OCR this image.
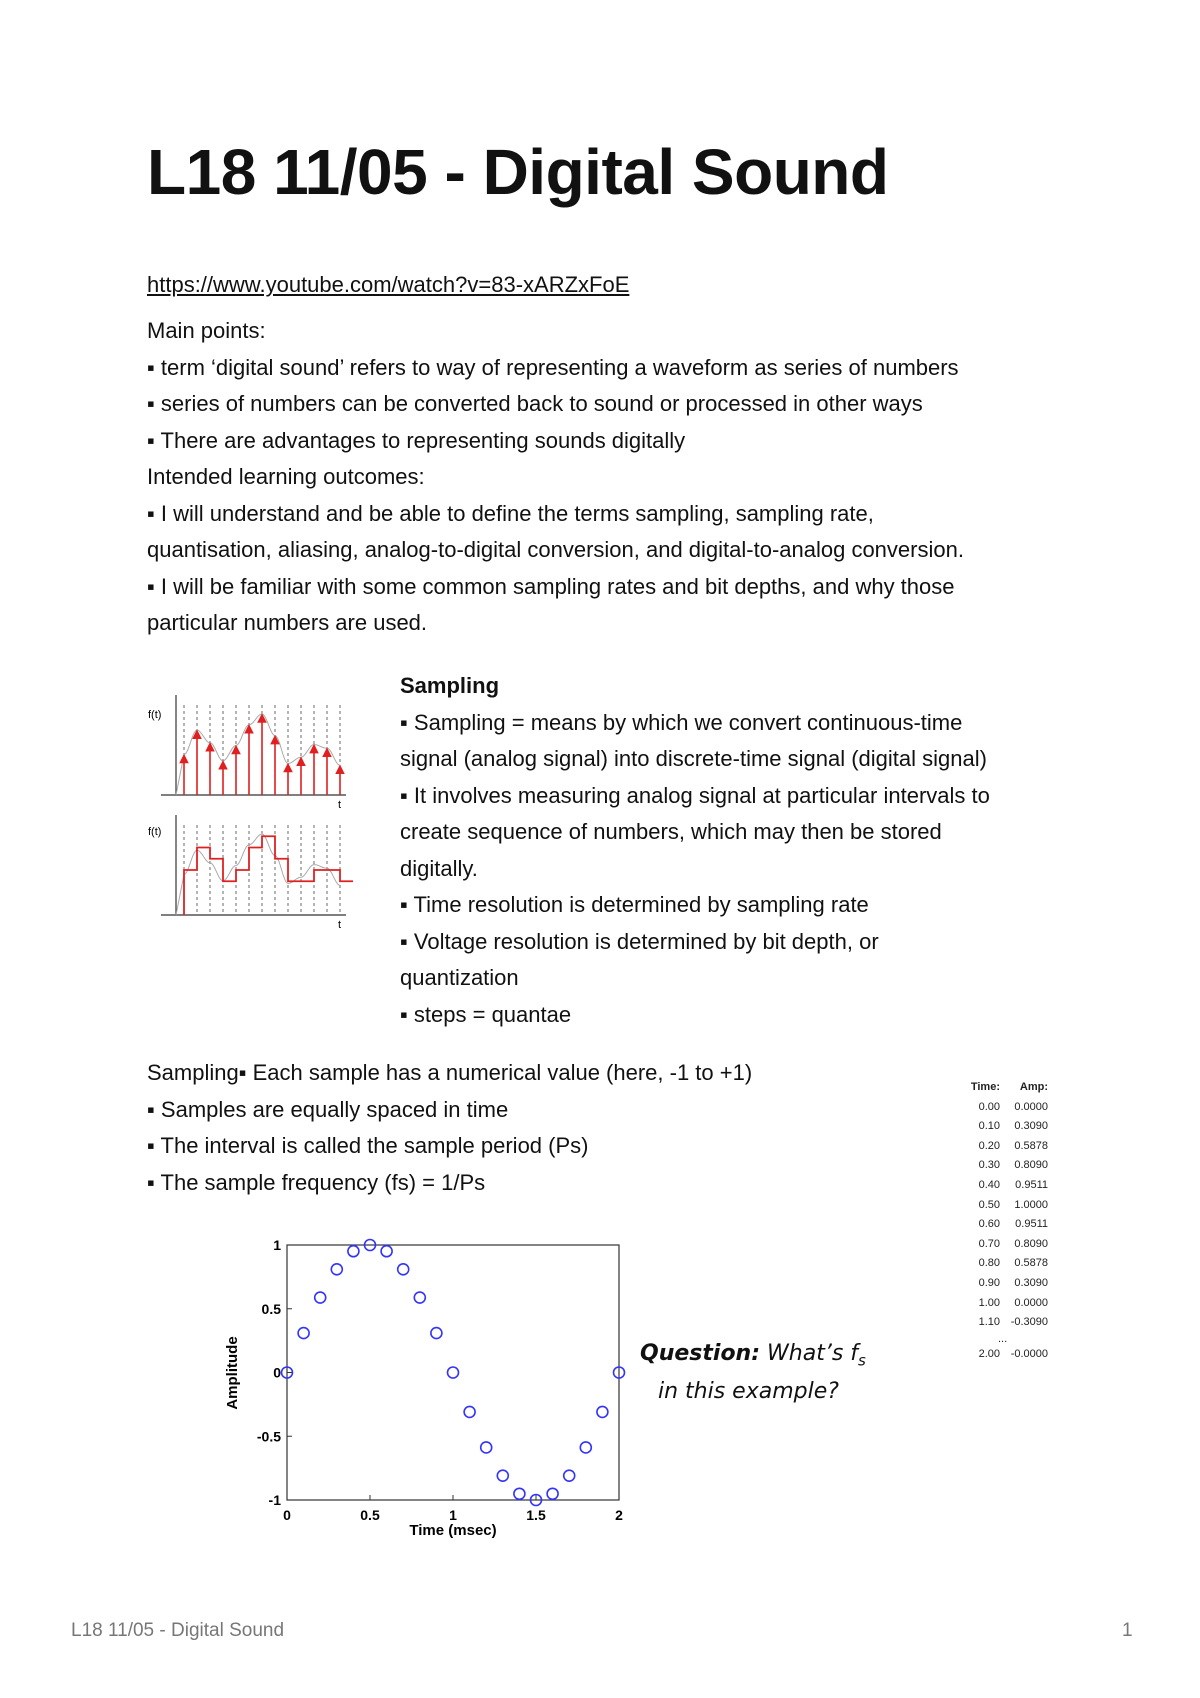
L18 11/05 - Digital Sound
https://www.youtube.com/watch?v=83-xARZxFoE
Main points:
▪ term ‘digital sound’ refers to way of representing a waveform as series of numbers
▪ series of numbers can be converted back to sound or processed in other ways
▪ There are advantages to representing sounds digitally
Intended learning outcomes:
▪ I will understand and be able to define the terms sampling, sampling rate,
quantisation, aliasing, analog-to-digital conversion, and digital-to-analog conversion.
▪ I will be familiar with some common sampling rates and bit depths, and why those
particular numbers are used.
f(t)
t
f(t)
t
Sampling
▪ Sampling = means by which we convert continuous-time
signal (analog signal) into discrete-time signal (digital signal)
▪ It involves measuring analog signal at particular intervals to
create sequence of numbers, which may then be stored
digitally.
▪ Time resolution is determined by sampling rate
▪ Voltage resolution is determined by bit depth, or
quantization
▪ steps = quantae
Sampling▪ Each sample has a numerical value (here, -1 to +1)
▪ Samples are equally spaced in time
▪ The interval is called the sample period (Ps)
▪ The sample frequency (fs) = 1/Ps
Time:	Amp:
0.00	0.0000
0.10	0.3090
0.20	0.5878
0.30	0.8090
0.40	0.9511
0.50	1.0000
0.60	0.9511
0.70	0.8090
0.80	0.5878
0.90	0.3090
1.00	0.0000
1.10 -0.3090
...
2.00 -0.0000
0	0.5	1	1.5	2
1
0.5
0
-0.5
-1
Time (msec)
Amplitude	Question: What’s $f_s$
in this example?
L18 11/05 - Digital Sound	1
